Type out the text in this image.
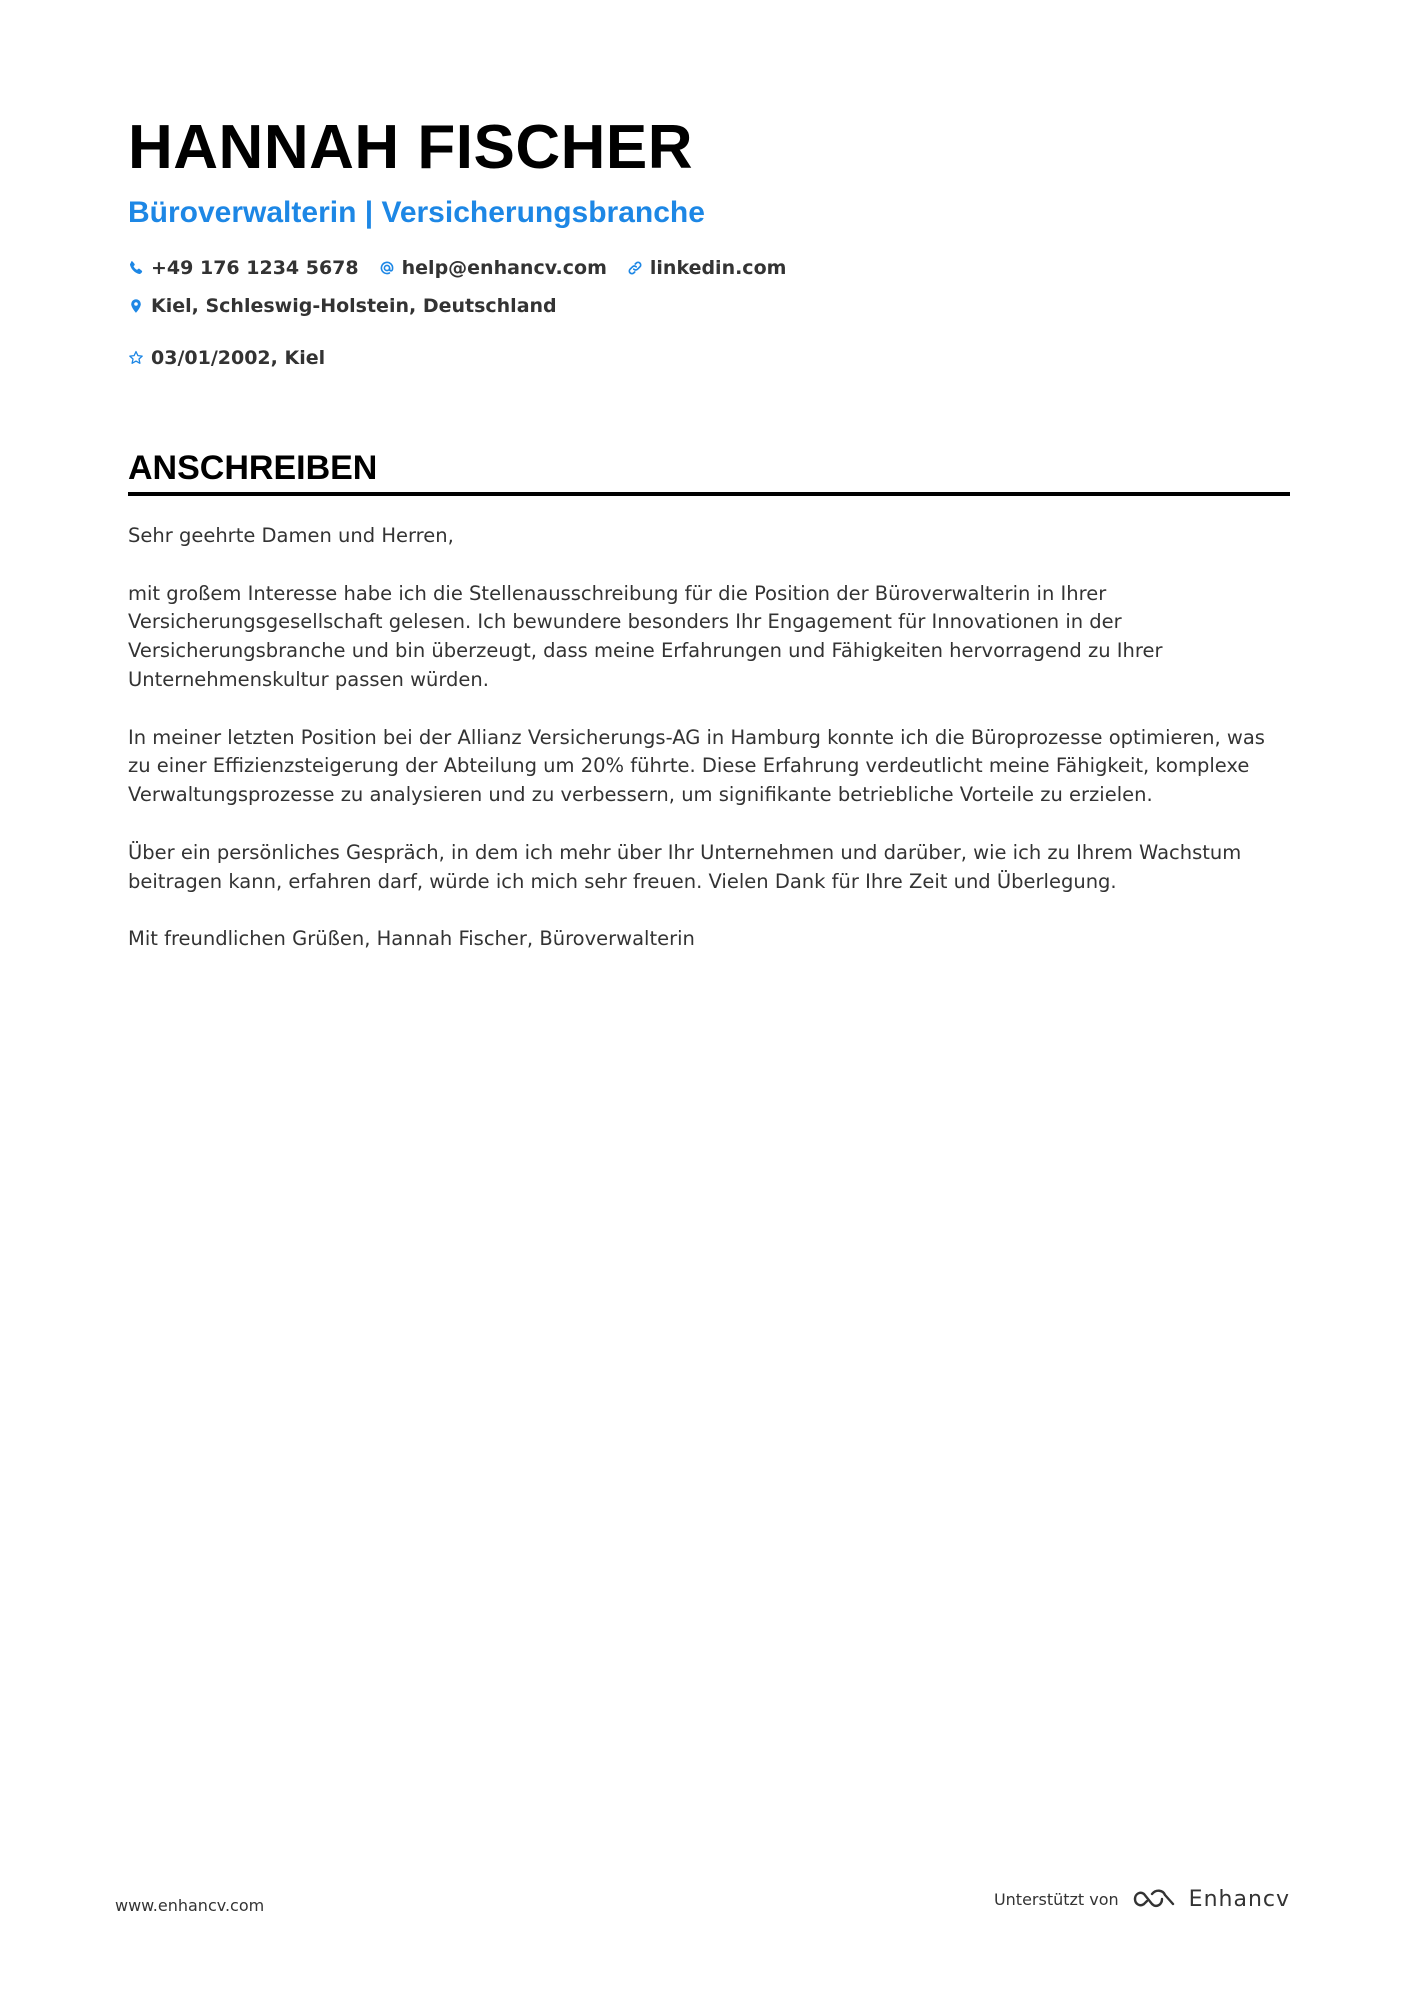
HANNAH FISCHER
Büroverwalterin | Versicherungsbranche
+49 176 1234 5678 help@enhancv.com linkedin.com
Kiel, Schleswig-Holstein, Deutschland
03/01/2002, Kiel
ANSCHREIBEN

Sehr geehrte Damen und Herren,

mit großem Interesse habe ich die Stellenausschreibung für die Position der Büroverwalterin in Ihrer Versicherungsgesellschaft gelesen. Ich bewundere besonders Ihr Engagement für Innovationen in der Versicherungsbranche und bin überzeugt, dass meine Erfahrungen und Fähigkeiten hervorragend zu Ihrer Unternehmenskultur passen würden.

In meiner letzten Position bei der Allianz Versicherungs-AG in Hamburg konnte ich die Büroprozesse optimieren, was zu einer Effizienzsteigerung der Abteilung um 20% führte. Diese Erfahrung verdeutlicht meine Fähigkeit, komplexe Verwaltungsprozesse zu analysieren und zu verbessern, um signifikante betriebliche Vorteile zu erzielen.

Über ein persönliches Gespräch, in dem ich mehr über Ihr Unternehmen und darüber, wie ich zu Ihrem Wachstum beitragen kann, erfahren darf, würde ich mich sehr freuen. Vielen Dank für Ihre Zeit und Überlegung.

Mit freundlichen Grüßen, Hannah Fischer, Büroverwalterin

www.enhancv.com	Unterstützt von	Enhancv
